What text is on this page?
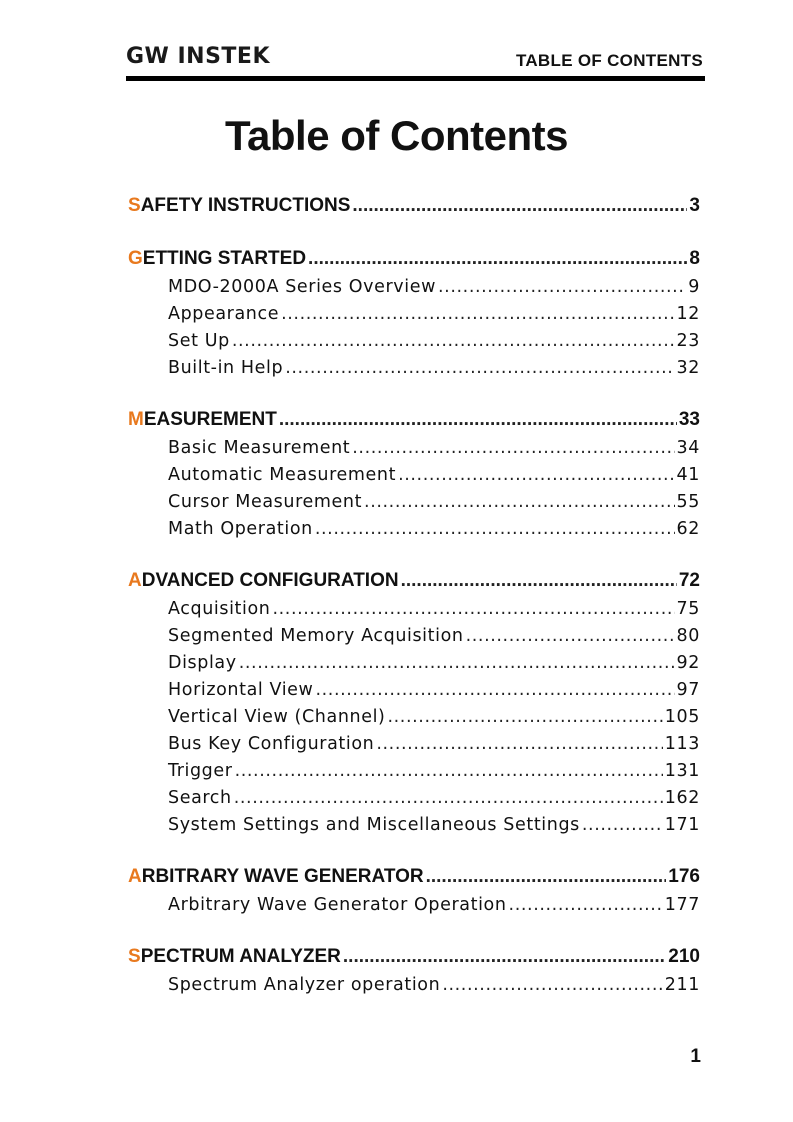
GW INSTEK	TABLE OF CONTENTS
Table of Contents
S AFETY INSTRUCTIONS .....	3
G ETTING STARTED .....	8
MDO-2000A Series Overview .....	9
Appearance .....	12
Set Up .....	23
Built-in Help .....	32
M EASUREMENT .....	33
Basic Measurement .....	34
Automatic Measurement .....	41
Cursor Measurement .....	55
Math Operation .....	62
A DVANCED CONFIGURATION .....	72
Acquisition .....	75
Segmented Memory Acquisition .....	80
Display .....	92
Horizontal View .....	97
Vertical View (Channel) .....	105
Bus Key Configuration .....	113
Trigger .....	131
Search .....	162
System Settings and Miscellaneous Settings .....	171
A RBITRARY WAVE GENERATOR .....	176
Arbitrary Wave Generator Operation .....	177
S PECTRUM ANALYZER .....	210
Spectrum Analyzer operation .....	211
1
